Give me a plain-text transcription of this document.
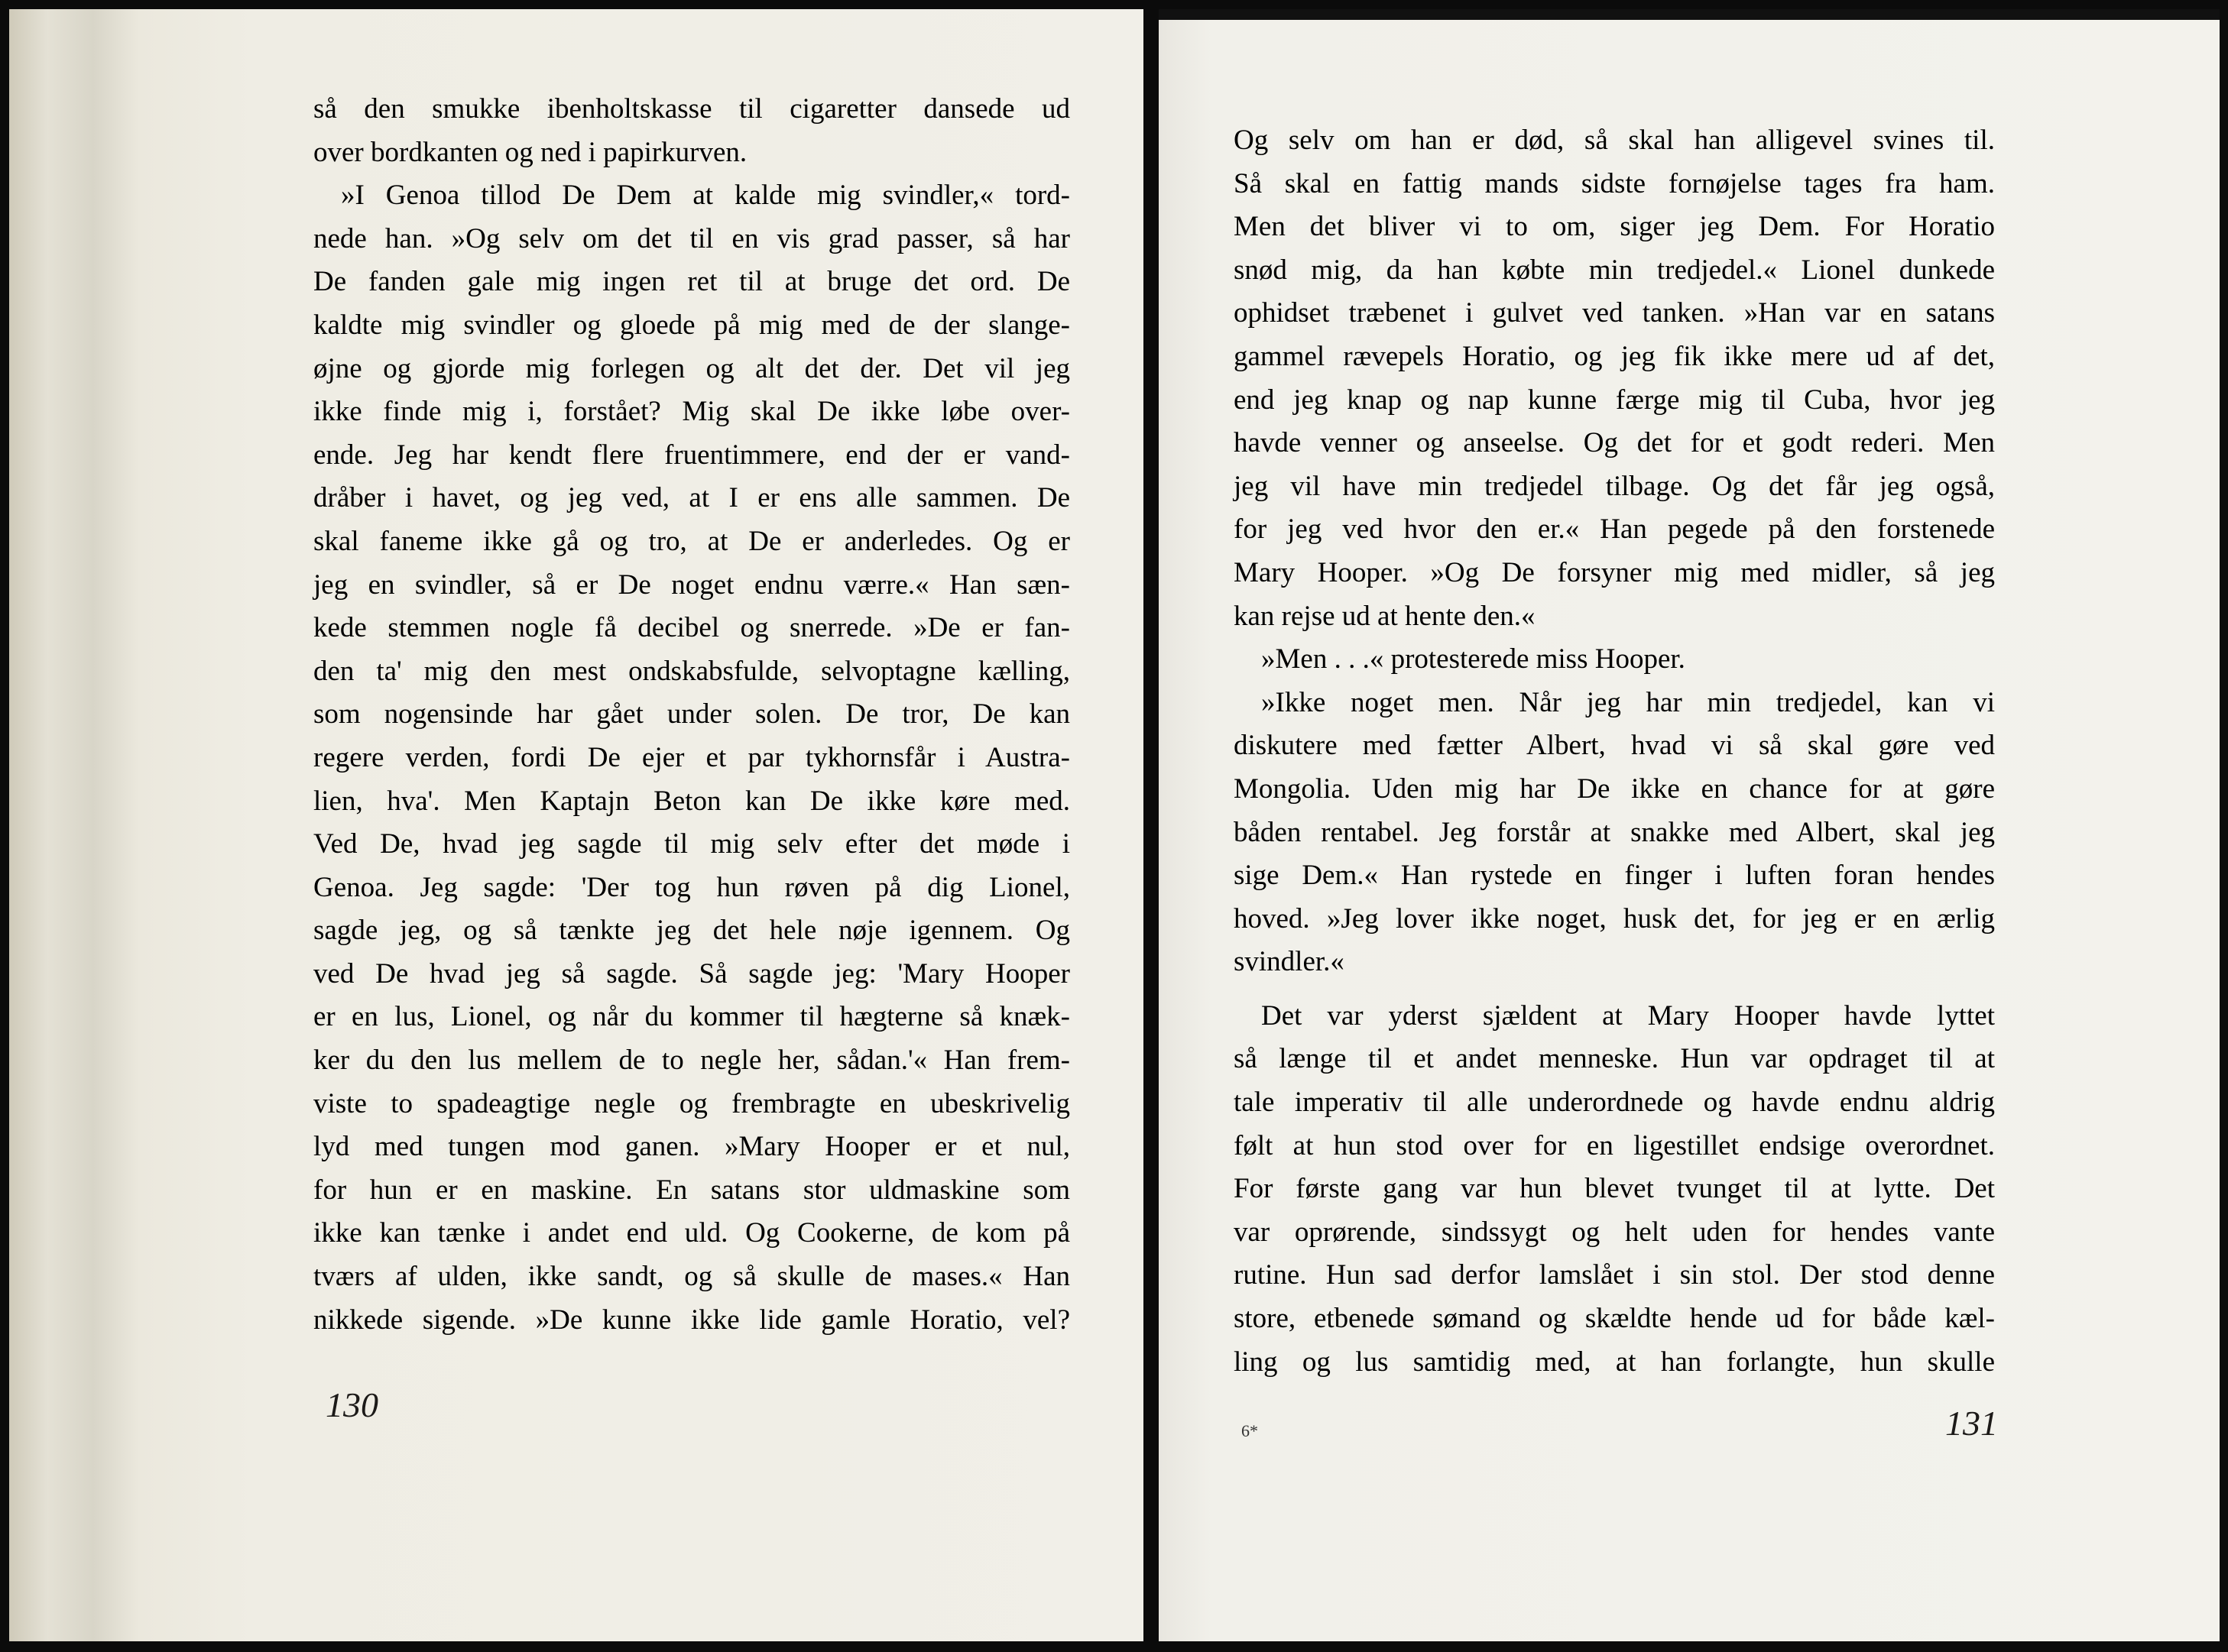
så den smukke ibenholtskasse til cigaretter dansede ud
over bordkanten og ned i papirkurven.
»I Genoa tillod De Dem at kalde mig svindler,« tord-
nede han. »Og selv om det til en vis grad passer, så har
De fanden gale mig ingen ret til at bruge det ord. De
kaldte mig svindler og gloede på mig med de der slange-
øjne og gjorde mig forlegen og alt det der. Det vil jeg
ikke finde mig i, forstået? Mig skal De ikke løbe over-
ende. Jeg har kendt flere fruentimmere, end der er vand-
dråber i havet, og jeg ved, at I er ens alle sammen. De
skal faneme ikke gå og tro, at De er anderledes. Og er
jeg en svindler, så er De noget endnu værre.« Han sæn-
kede stemmen nogle få decibel og snerrede. »De er fan-
den ta' mig den mest ondskabsfulde, selvoptagne kælling,
som nogensinde har gået under solen. De tror, De kan
regere verden, fordi De ejer et par tykhornsfår i Austra-
lien, hva'. Men Kaptajn Beton kan De ikke køre med.
Ved De, hvad jeg sagde til mig selv efter det møde i
Genoa. Jeg sagde: 'Der tog hun røven på dig Lionel,
sagde jeg, og så tænkte jeg det hele nøje igennem. Og
ved De hvad jeg så sagde. Så sagde jeg: 'Mary Hooper
er en lus, Lionel, og når du kommer til hægterne så knæk-
ker du den lus mellem de to negle her, sådan.'« Han frem-
viste to spadeagtige negle og frembragte en ubeskrivelig
lyd med tungen mod ganen. »Mary Hooper er et nul,
for hun er en maskine. En satans stor uldmaskine som
ikke kan tænke i andet end uld. Og Cookerne, de kom på
tværs af ulden, ikke sandt, og så skulle de mases.« Han
nikkede sigende. »De kunne ikke lide gamle Horatio, vel?
130
Og selv om han er død, så skal han alligevel svines til.
Så skal en fattig mands sidste fornøjelse tages fra ham.
Men det bliver vi to om, siger jeg Dem. For Horatio
snød mig, da han købte min tredjedel.« Lionel dunkede
ophidset træbenet i gulvet ved tanken. »Han var en satans
gammel rævepels Horatio, og jeg fik ikke mere ud af det,
end jeg knap og nap kunne færge mig til Cuba, hvor jeg
havde venner og anseelse. Og det for et godt rederi. Men
jeg vil have min tredjedel tilbage. Og det får jeg også,
for jeg ved hvor den er.« Han pegede på den forstenede
Mary Hooper. »Og De forsyner mig med midler, så jeg
kan rejse ud at hente den.«
»Men . . .« protesterede miss Hooper.
»Ikke noget men. Når jeg har min tredjedel, kan vi
diskutere med fætter Albert, hvad vi så skal gøre ved
Mongolia. Uden mig har De ikke en chance for at gøre
båden rentabel. Jeg forstår at snakke med Albert, skal jeg
sige Dem.« Han rystede en finger i luften foran hendes
hoved. »Jeg lover ikke noget, husk det, for jeg er en ærlig
svindler.«
Det var yderst sjældent at Mary Hooper havde lyttet
så længe til et andet menneske. Hun var opdraget til at
tale imperativ til alle underordnede og havde endnu aldrig
følt at hun stod over for en ligestillet endsige overordnet.
For første gang var hun blevet tvunget til at lytte. Det
var oprørende, sindssygt og helt uden for hendes vante
rutine. Hun sad derfor lamslået i sin stol. Der stod denne
store, etbenede sømand og skældte hende ud for både kæl-
ling og lus samtidig med, at han forlangte, hun skulle
6*	131
